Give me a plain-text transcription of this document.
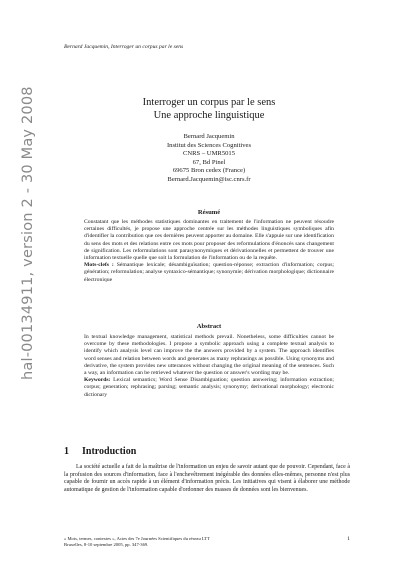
Bernard Jacquemin, Interroger un corpus par le sens
hal-00134911, version 2 - 30 May 2008	Interroger un corpus par le sens
Une approche linguistique
Bernard Jacquemin
Institut des Sciences Cognitives
CNRS – UMR5015
67, Bd Pinel
69675 Bron cedex (France)
Bernard.Jacquemin@isc.cnrs.fr
Résumé

Constatant que les méthodes statistiques dominantes en traitement de l'information ne peuvent résoudre certaines difficultés, je propose une approche centrée sur les méthodes linguistiques symboliques afin d'identifier la contribution que ces dernières peuvent apporter au domaine. Elle s'appuie sur une identification du sens des mots et des relations entre ces mots pour proposer des reformulations d'énoncés sans changement de signification. Les reformulations sont parasynonymiques et dérivationnelles et permettent de trouver une information textuelle quelle que soit la formulation de l'information ou de la requête.

Mots-clefs : Sémantique lexicale; désambiguïsation; question-réponse; extraction d'information; corpus; génération; reformulation; analyse syntaxico-sémantique; synonymie; dérivation morphologique; dictionnaire électronique

Abstract

In textual knowledge management, statistical methods prevail. Nonetheless, some difficulties cannot be overcome by these methodologies. I propose a symbolic approach using a complete textual analysis to identify which analysis level can improve the the answers provided by a system. The approach identifies word senses and relation between words and generates as many rephrasings as possible. Using synonyms and derivative, the system provides new utterances without changing the original meaning of the sentences. Such a way, an information can be retrieved whatever the question or answer's wording may be.

Keywords: Lexical semantics; Word Sense Disambiguation; question answering; information extraction; corpus; generation; rephrasing; parsing; semantic analysis; synonymy; derivational morphology; electronic dictionary

1 Introduction

La société actuelle a fait de la maîtrise de l'information un enjeu de savoir autant que de pouvoir. Cependant, face à la profusion des sources d'information, face à l'enchevêtrement inégérable des données elles-mêmes, personne n'est plus capable de fournir un accès rapide à un élément d'information précis. Les initiatives qui visent à élaborer une méthode automatique de gestion de l'information capable d'ordonner des masses de données sont les bienvenues.

« Mots, termes, contextes », Actes des 7e Journées Scientifiques du réseau LTT
Bruxelles, 8-10 septembre 2005, pp. 347-369.
1
